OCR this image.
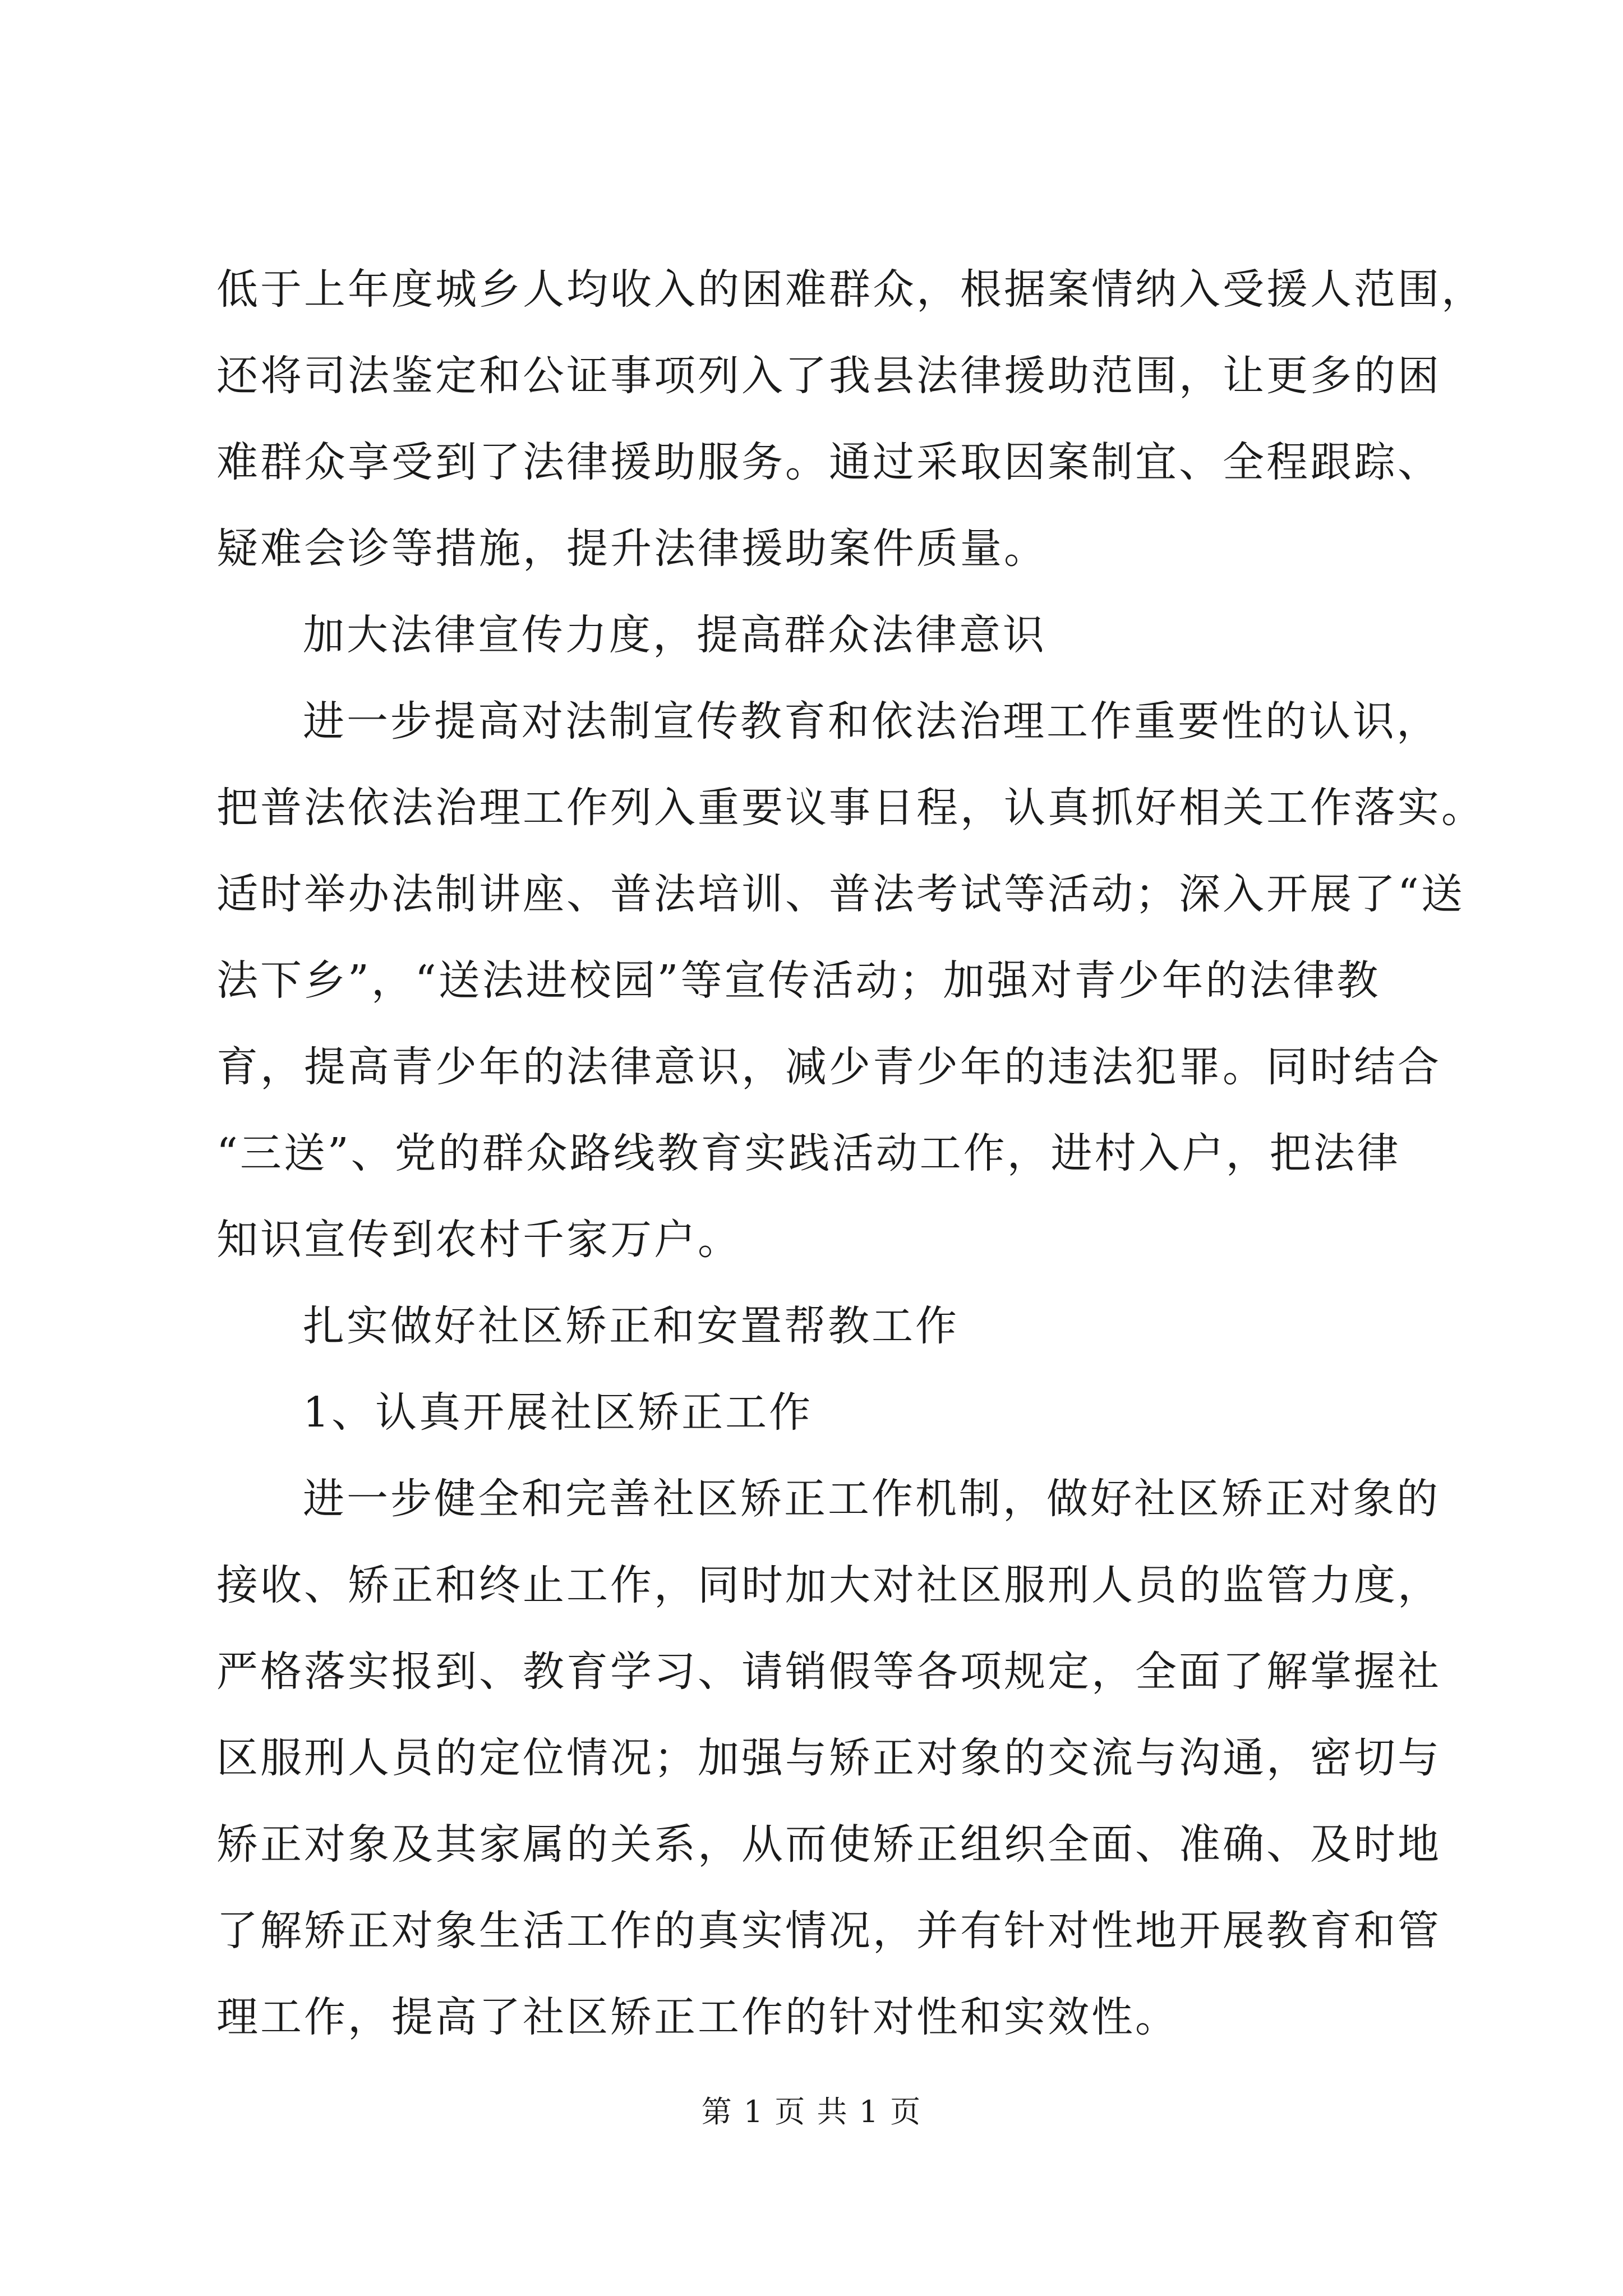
低于上年度城乡人均收入的困难群众，根据案情纳入受援人范围，
还将司法鉴定和公证事项列入了我县法律援助范围，让更多的困
难群众享受到了法律援助服务。通过采取因案制宜、全程跟踪、
疑难会诊等措施，提升法律援助案件质量。
加大法律宣传力度，提高群众法律意识
进一步提高对法制宣传教育和依法治理工作重要性的认识，
把普法依法治理工作列入重要议事日程，认真抓好相关工作落实。
适时举办法制讲座、普法培训、普法考试等活动；深入开展了“送
法下乡”，“送法进校园”等宣传活动；加强对青少年的法律教
育，提高青少年的法律意识，减少青少年的违法犯罪。同时结合
“三送”、党的群众路线教育实践活动工作，进村入户，把法律
知识宣传到农村千家万户。
扎实做好社区矫正和安置帮教工作
1、认真开展社区矫正工作
进一步健全和完善社区矫正工作机制，做好社区矫正对象的
接收、矫正和终止工作，同时加大对社区服刑人员的监管力度，
严格落实报到、教育学习、请销假等各项规定，全面了解掌握社
区服刑人员的定位情况；加强与矫正对象的交流与沟通，密切与
矫正对象及其家属的关系，从而使矫正组织全面、准确、及时地
了解矫正对象生活工作的真实情况，并有针对性地开展教育和管
理工作，提高了社区矫正工作的针对性和实效性。
第 1 页 共 1 页
